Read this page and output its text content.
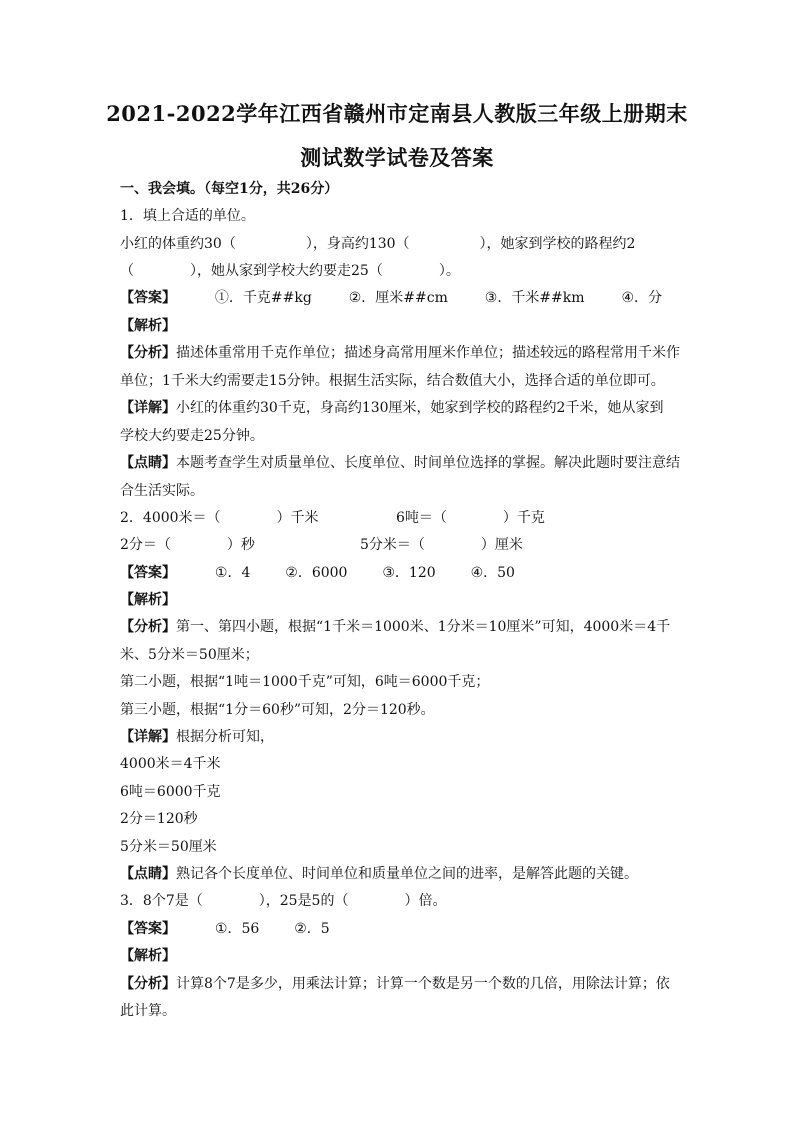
2021-2022学年江西省赣州市定南县人教版三年级上册期末
测试数学试卷及答案
一、我会填。（每空1分，共26分）
1．填上合适的单位。
小红的体重约30（　　　　　），身高约130（　　　　　），她家到学校的路程约2
（　　　　），她从家到学校大约要走25（　　　　）。
【答案】	①．千克##kg	②．厘米##cm	③．千米##km	④．分
【解析】
【分析】描述体重常用千克作单位；描述身高常用厘米作单位；描述较远的路程常用千米作
单位；1千米大约需要走15分钟。根据生活实际，结合数值大小，选择合适的单位即可。
【详解】小红的体重约30千克，身高约130厘米，她家到学校的路程约2千米，她从家到
学校大约要走25分钟。
【点睛】本题考查学生对质量单位、长度单位、时间单位选择的掌握。解决此题时要注意结
合生活实际。
2．4000米＝（　　　　）千米	6吨＝（　　　　）千克
2分＝（　　　　）秒	5分米＝（　　　　）厘米
【答案】	①．4 ②．6000 ③．120 ④．50
【解析】
【分析】第一、第四小题，根据“1千米＝1000米、1分米＝10厘米”可知，4000米＝4千
米、5分米＝50厘米；
第二小题，根据“1吨＝1000千克”可知，6吨＝6000千克；
第三小题，根据“1分＝60秒”可知，2分＝120秒。
【详解】根据分析可知，
4000米＝4千米
6吨＝6000千克
2分＝120秒
5分米＝50厘米
【点睛】熟记各个长度单位、时间单位和质量单位之间的进率，是解答此题的关键。
3．8个7是（　　　　），25是5的（　　　　）倍。
【答案】	①．56 ②．5
【解析】
【分析】计算8个7是多少，用乘法计算；计算一个数是另一个数的几倍，用除法计算；依
此计算。
